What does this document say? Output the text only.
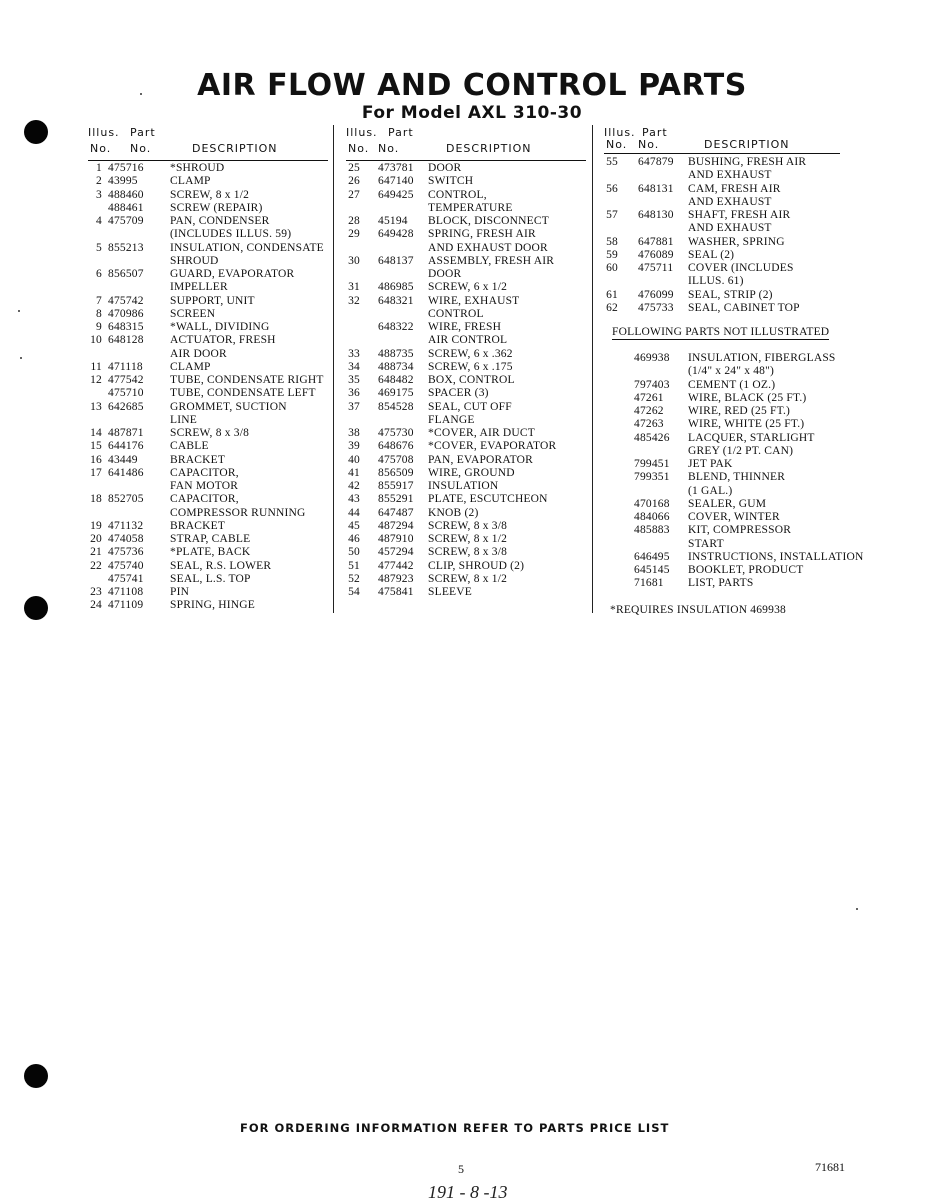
AIR FLOW AND CONTROL PARTS
For Model AXL 310-30
Illus. Part
No. No.	DESCRIPTION
1 475716 *SHROUD
2 43995	CLAMP
3 488460 SCREW, 8 x 1/2
488461 SCREW (REPAIR)
4 475709 PAN, CONDENSER
(INCLUDES ILLUS. 59)
5 855213 INSULATION, CONDENSATE
SHROUD
6 856507 GUARD, EVAPORATOR
IMPELLER
7 475742 SUPPORT, UNIT
8 470986 SCREEN
9 648315 *WALL, DIVIDING
10 648128 ACTUATOR, FRESH
AIR DOOR
11 471118 CLAMP
12 477542 TUBE, CONDENSATE RIGHT
475710 TUBE, CONDENSATE LEFT
13 642685 GROMMET, SUCTION
LINE
14 487871 SCREW, 8 x 3/8
15 644176 CABLE
16 43449	BRACKET
17 641486 CAPACITOR,
FAN MOTOR
18 852705 CAPACITOR,
COMPRESSOR RUNNING
19 471132 BRACKET
20 474058 STRAP, CABLE
21 475736 *PLATE, BACK
22 475740 SEAL, R.S. LOWER
475741 SEAL, L.S. TOP
23 471108 PIN
24 471109 SPRING, HINGE
Illus. Part
No. No.	DESCRIPTION
25 473781 DOOR
26 647140 SWITCH
27 649425 CONTROL,
TEMPERATURE
28 45194 BLOCK, DISCONNECT
29 649428 SPRING, FRESH AIR
AND EXHAUST DOOR
30 648137 ASSEMBLY, FRESH AIR
DOOR
31 486985 SCREW, 6 x 1/2
32 648321 WIRE, EXHAUST
CONTROL
648322 WIRE, FRESH
AIR CONTROL
33 488735 SCREW, 6 x .362
34 488734 SCREW, 6 x .175
35 648482 BOX, CONTROL
36 469175 SPACER (3)
37 854528 SEAL, CUT OFF
FLANGE
38 475730 *COVER, AIR DUCT
39 648676 *COVER, EVAPORATOR
40 475708 PAN, EVAPORATOR
41 856509 WIRE, GROUND
42 855917 INSULATION
43 855291 PLATE, ESCUTCHEON
44 647487 KNOB (2)
45 487294 SCREW, 8 x 3/8
46 487910 SCREW, 8 x 1/2
50 457294 SCREW, 8 x 3/8
51 477442 CLIP, SHROUD (2)
52 487923 SCREW, 8 x 1/2
54 475841 SLEEVE
Illus. Part
No. No.	DESCRIPTION
55 647879 BUSHING, FRESH AIR
AND EXHAUST
56 648131 CAM, FRESH AIR
AND EXHAUST
57 648130 SHAFT, FRESH AIR
AND EXHAUST
58 647881 WASHER, SPRING
59 476089 SEAL (2)
60 475711 COVER (INCLUDES
ILLUS. 61)
61 476099 SEAL, STRIP (2)
62 475733 SEAL, CABINET TOP
FOLLOWING PARTS NOT ILLUSTRATED
469938 INSULATION, FIBERGLASS
(1/4" x 24" x 48")
797403 CEMENT (1 OZ.)
47261 WIRE, BLACK (25 FT.)
47262 WIRE, RED (25 FT.)
47263 WIRE, WHITE (25 FT.)
485426 LACQUER, STARLIGHT
GREY (1/2 PT. CAN)
799451 JET PAK
799351 BLEND, THINNER
(1 GAL.)
470168 SEALER, GUM
484066 COVER, WINTER
485883 KIT, COMPRESSOR
START
646495 INSTRUCTIONS, INSTALLATION
645145 BOOKLET, PRODUCT
71681 LIST, PARTS
*REQUIRES INSULATION 469938
FOR ORDERING INFORMATION REFER TO PARTS PRICE LIST
5	71681
191 - 8 -13
